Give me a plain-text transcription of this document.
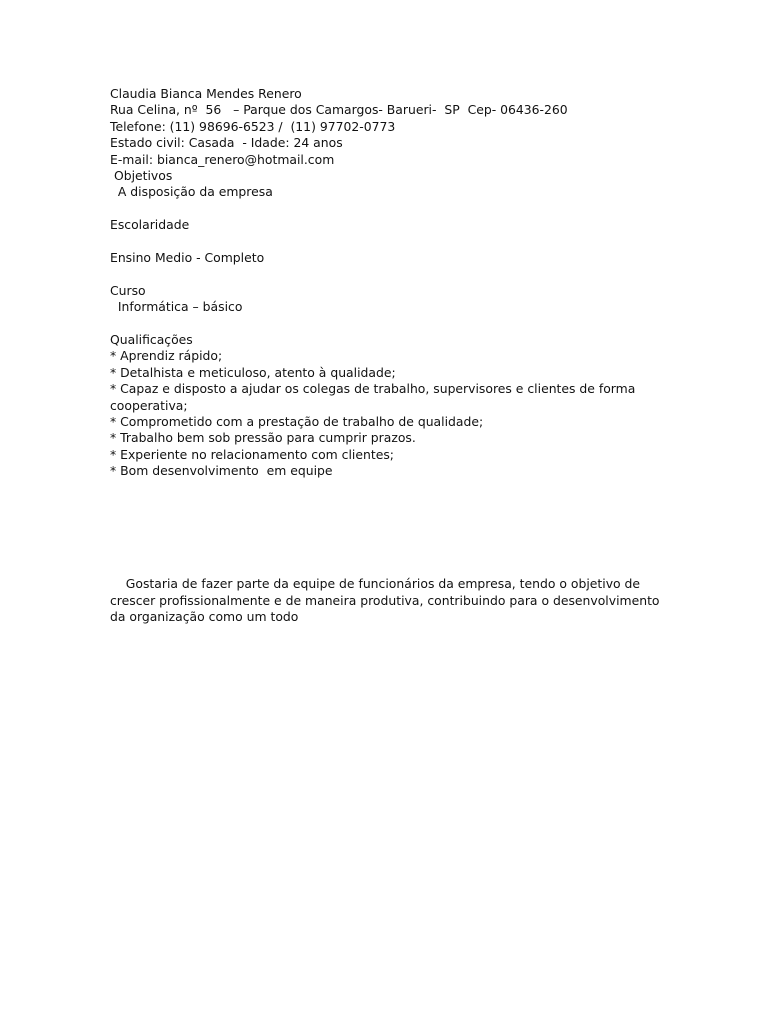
Claudia Bianca Mendes Renero
Rua Celina, nº  56   – Parque dos Camargos- Barueri-  SP  Cep- 06436-260
Telefone: (11) 98696-6523 /  (11) 97702-0773
Estado civil: Casada  - Idade: 24 anos
E-mail: bianca_renero@hotmail.com
Objetivos
A disposição da empresa
Escolaridade
Ensino Medio - Completo
Curso
Informática – básico
Qualificações
* Aprendiz rápido;
* Detalhista e meticuloso, atento à qualidade;
* Capaz e disposto a ajudar os colegas de trabalho, supervisores e clientes de forma cooperativa;
* Comprometido com a prestação de trabalho de qualidade;
* Trabalho bem sob pressão para cumprir prazos.
* Experiente no relacionamento com clientes;
* Bom desenvolvimento  em equipe
Gostaria de fazer parte da equipe de funcionários da empresa, tendo o objetivo de crescer profissionalmente e de maneira produtiva, contribuindo para o desenvolvimento da organização como um todo
